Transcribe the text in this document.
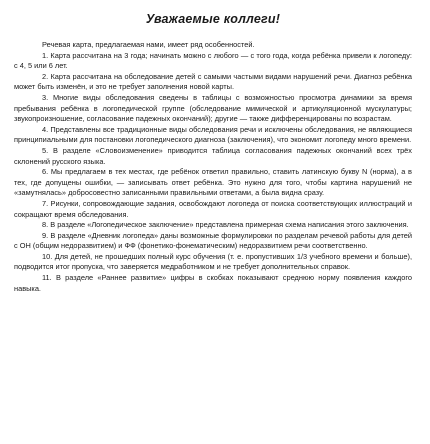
Уважаемые коллеги!

Речевая карта, предлагаемая нами, имеет ряд особенностей.

1. Карта рассчитана на 3 года; начинать можно с любого — с того года, когда ребёнка привели к логопеду: с 4, 5 или 6 лет.

2. Карта рассчитана на обследование детей с самыми частыми видами нарушений речи. Диагноз ребёнка может быть изменён, и это не требует заполнения новой карты.

3. Многие виды обследования сведены в таблицы с возможностью просмотра динамики за время пребывания ребёнка в логопедической группе (обследование мимической и артикуляционной мускулатуры; звукопроизношение, согласование падежных окончаний); другие — также дифференцированы по возрастам.

4. Представлены все традиционные виды обследования речи и исключены обследования, не являющиеся принципиальными для постановки логопедического диагноза (заключения), что экономит логопеду много времени.

5. В разделе «Словоизменение» приводится таблица согласования падежных окончаний всех трёх склонений русского языка.

6. Мы предлагаем в тех местах, где ребёнок ответил правильно, ставить латинскую букву N (норма), а в тех, где допущены ошибки, — записывать ответ ребёнка. Это нужно для того, чтобы картина нарушений не «замутнялась» добросовестно записанными правильными ответами, а была видна сразу.

7. Рисунки, сопровождающие задания, освобождают логопеда от поиска соответствующих иллюстраций и сокращают время обследования.

8. В разделе «Логопедическое заключение» представлена примерная схема написания этого заключения.

9. В разделе «Дневник логопеда» даны возможные формулировки по разделам речевой работы для детей с ОН (общим недоразвитием) и ФФ (фонетико-фонематическим) недоразвитием речи соответственно.

10. Для детей, не прошедших полный курс обучения (т. е. пропустивших 1/3 учебного времени и больше), подводится итог пропуска, что заверяется медработником и не требует дополнительных справок.

11. В разделе «Раннее развитие» цифры в скобках показывают среднюю норму появления каждого навыка.
